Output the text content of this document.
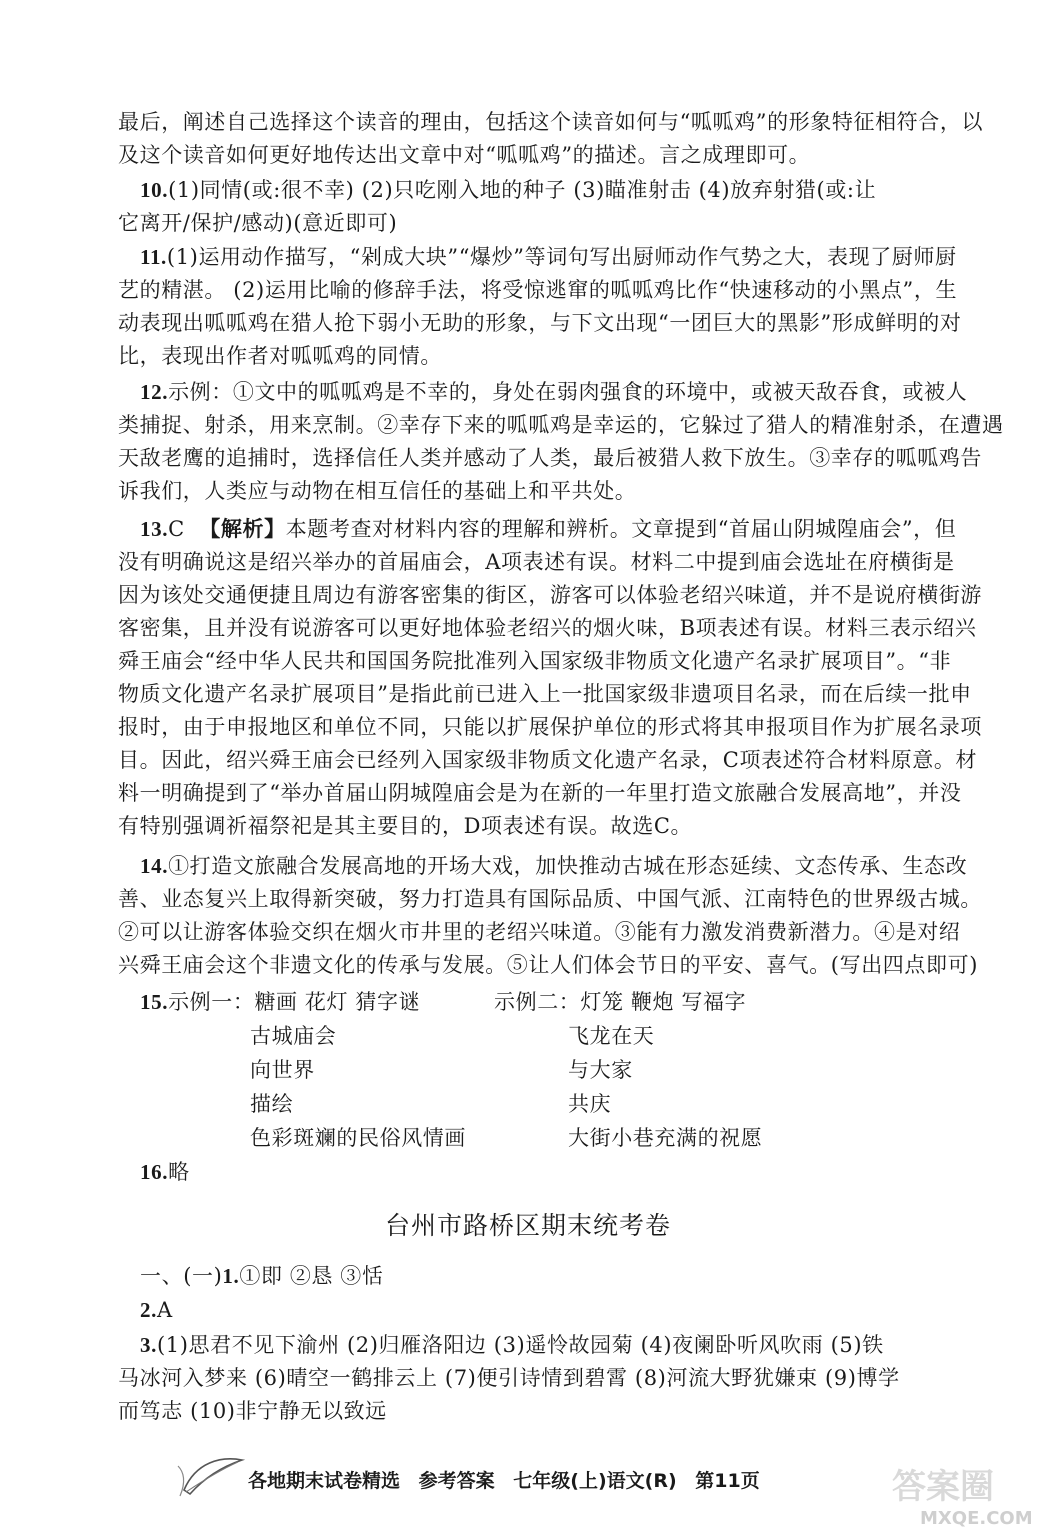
最后，阐述自己选择这个读音的理由，包括这个读音如何与“呱呱鸡”的形象特征相符合，以
及这个读音如何更好地传达出文章中对“呱呱鸡”的描述。言之成理即可。
10.(1)同情(或:很不幸) (2)只吃刚入地的种子 (3)瞄准射击 (4)放弃射猎(或:让
它离开/保护/感动)(意近即可)
11.(1)运用动作描写，“剁成大块”“爆炒”等词句写出厨师动作气势之大，表现了厨师厨
艺的精湛。 (2)运用比喻的修辞手法，将受惊逃窜的呱呱鸡比作“快速移动的小黑点”，生
动表现出呱呱鸡在猎人抢下弱小无助的形象，与下文出现“一团巨大的黑影”形成鲜明的对
比，表现出作者对呱呱鸡的同情。
12.示例：①文中的呱呱鸡是不幸的，身处在弱肉强食的环境中，或被天敌吞食，或被人
类捕捉、射杀，用来烹制。②幸存下来的呱呱鸡是幸运的，它躲过了猎人的精准射杀，在遭遇
天敌老鹰的追捕时，选择信任人类并感动了人类，最后被猎人救下放生。③幸存的呱呱鸡告
诉我们，人类应与动物在相互信任的基础上和平共处。
13.C 【解析】本题考查对材料内容的理解和辨析。文章提到“首届山阴城隍庙会”，但
没有明确说这是绍兴举办的首届庙会，A项表述有误。材料二中提到庙会选址在府横街是
因为该处交通便捷且周边有游客密集的街区，游客可以体验老绍兴味道，并不是说府横街游
客密集，且并没有说游客可以更好地体验老绍兴的烟火味，B项表述有误。材料三表示绍兴
舜王庙会“经中华人民共和国国务院批准列入国家级非物质文化遗产名录扩展项目”。“非
物质文化遗产名录扩展项目”是指此前已进入上一批国家级非遗项目名录，而在后续一批申
报时，由于申报地区和单位不同，只能以扩展保护单位的形式将其申报项目作为扩展名录项
目。因此，绍兴舜王庙会已经列入国家级非物质文化遗产名录，C项表述符合材料原意。材
料一明确提到了“举办首届山阴城隍庙会是为在新的一年里打造文旅融合发展高地”，并没
有特别强调祈福祭祀是其主要目的，D项表述有误。故选C。
14.①打造文旅融合发展高地的开场大戏，加快推动古城在形态延续、文态传承、生态改
善、业态复兴上取得新突破，努力打造具有国际品质、中国气派、江南特色的世界级古城。
②可以让游客体验交织在烟火市井里的老绍兴味道。③能有力激发消费新潜力。④是对绍
兴舜王庙会这个非遗文化的传承与发展。⑤让人们体会节日的平安、喜气。(写出四点即可)
15.示例一：糖画 花灯 猜字谜	示例二：灯笼 鞭炮 写福字
古城庙会
向世界
描绘
色彩斑斓的民俗风情画
飞龙在天
与大家
共庆
大街小巷充满的祝愿
16.略
台州市路桥区期末统考卷
一、(一)1.①即 ②恳 ③恬
2.A
3.(1)思君不见下渝州 (2)归雁洛阳边 (3)遥怜故园菊 (4)夜阑卧听风吹雨 (5)铁
马冰河入梦来 (6)晴空一鹤排云上 (7)便引诗情到碧霄 (8)河流大野犹嫌束 (9)博学
而笃志 (10)非宁静无以致远
各地期末试卷精选 参考答案 七年级(上)语文(R) 第11页	答案圈
MXQE.COM
